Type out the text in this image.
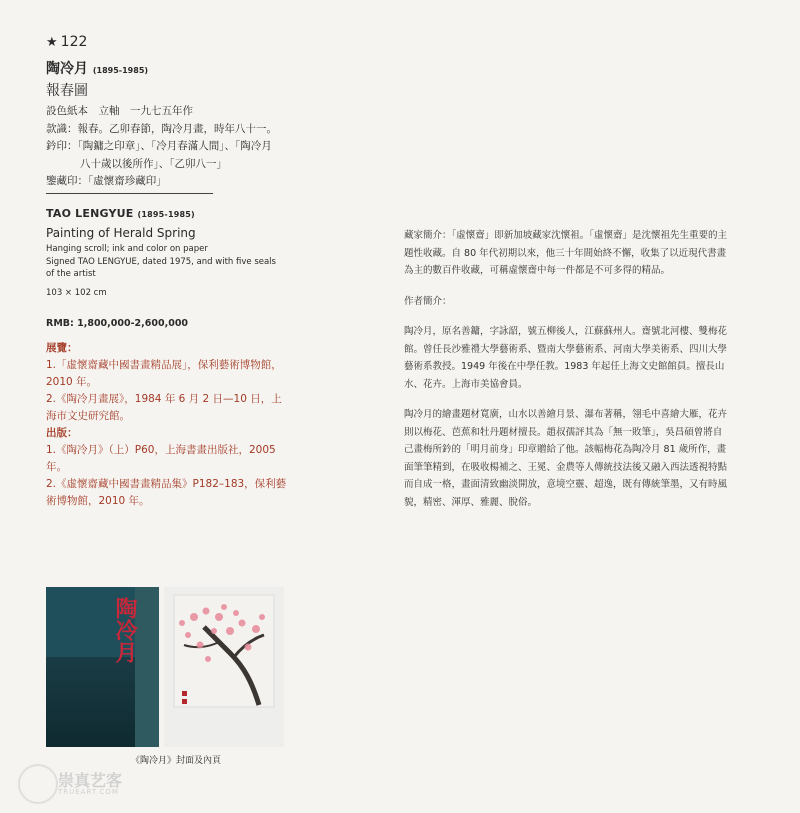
★ 122
陶冷月 (1895-1985)
報春圖
設色紙本　立軸　一九七五年作
款識：報春。乙卯春節，陶冷月畫，時年八十一。
鈐印：「陶鏞之印章」、「冷月春滿人間」、「陶冷月
八十歲以後所作」、「乙卯八一」
鑒藏印：「虛懷齋珍藏印」
TAO LENGYUE (1895-1985)
Painting of Herald Spring
Hanging scroll; ink and color on paper
Signed TAO LENGYUE, dated 1975, and with five seals of the artist
103 × 102 cm
RMB: 1,800,000-2,600,000
展覽：
1.「虛懷齋藏中國書畫精品展」，保利藝術博物館，2010 年。
2.《陶冷月畫展》，1984 年 6 月 2 日—10 日，上海市文史研究館。
出版：
1.《陶冷月》（上）P60，上海書畫出版社，2005 年。
2.《虛懷齋藏中國書畫精品集》P182–183，保利藝術博物館，2010 年。

藏家簡介：「虛懷齋」即新加坡藏家沈懷祖。「虛懷齋」是沈懷祖先生重要的主題性收藏。自 80 年代初期以來，他三十年間始終不懈，收集了以近現代書畫為主的數百件收藏，可稱虛懷齋中每一件都是不可多得的精品。

作者簡介：

陶冷月，原名善鏞，字詠韶，號五柳後人，江蘇蘇州人。齋號北河樓、雙梅花館。曾任長沙雅禮大學藝術系、暨南大學藝術系、河南大學美術系、四川大學藝術系教授。1949 年後在中學任教。1983 年起任上海文史館館員。擅長山水、花卉。上海市美協會員。

陶冷月的繪畫題材寬廣，山水以善繪月景、瀑布著稱，翎毛中喜繪大雁，花卉則以梅花、芭蕉和牡丹題材擅長。趙叔孺評其為「無一敗筆」，吳昌碩曾將自己畫梅所鈐的「明月前身」印章贈給了他。該幅梅花為陶冷月 81 歲所作，畫面筆筆精到，在吸收楊補之、王冕、金農等人傳統技法後又融入西法透視特點而自成一格，畫面清致幽淡開放，意境空靈、超逸，既有傳統筆墨，又有時風貌，精密、渾厚、雅麗、脫俗。

陶冷月
《陶冷月》封面及內頁
崇真艺客
TRUEART.COM
